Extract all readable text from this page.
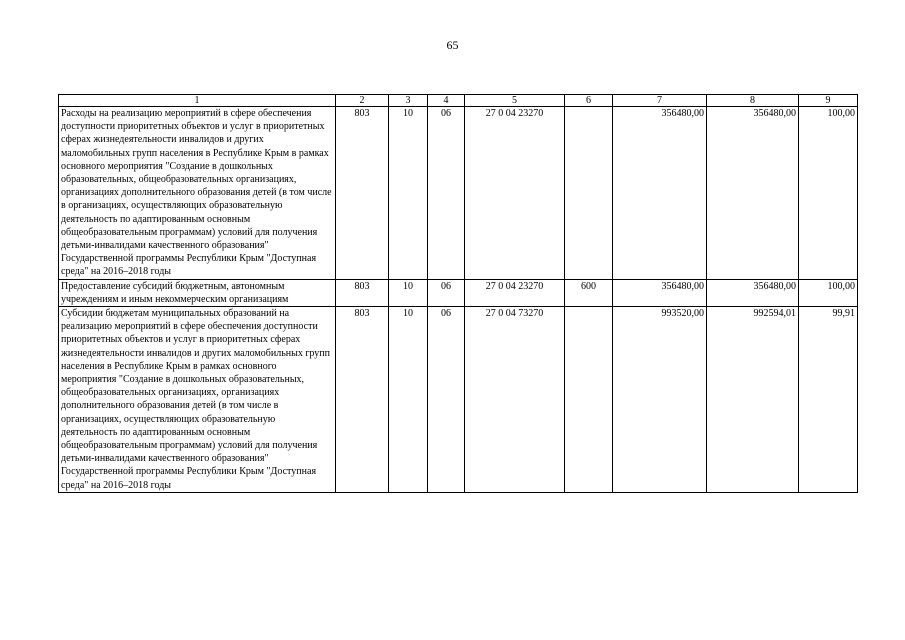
65
1	2	3	4	5	6	7	8	9
Расходы на реализацию мероприятий в сфере обеспечения доступности приоритетных объектов и услуг в приоритетных сферах жизнедеятельности инвалидов и других маломобильных групп населения в Республике Крым в рамках основного мероприятия "Создание в дошкольных образовательных, общеобразовательных организациях, организациях дополнительного образования детей (в том числе в организациях, осуществляющих образовательную деятельность по адаптированным основным общеобразовательным программам) условий для получения детьми-инвалидами качественного образования" Государственной программы Республики Крым "Доступная среда" на 2016–2018 годы	803	10	06	27 0 04 23270		356480,00	356480,00	100,00
Предоставление субсидий бюджетным, автономным учреждениям и иным некоммерческим организациям	803	10	06	27 0 04 23270	600	356480,00	356480,00	100,00
Субсидии бюджетам муниципальных образований на реализацию мероприятий в сфере обеспечения доступности приоритетных объектов и услуг в приоритетных сферах жизнедеятельности инвалидов и других маломобильных групп населения в Республике Крым в рамках основного мероприятия "Создание в дошкольных образовательных, общеобразовательных организациях, организациях дополнительного образования детей (в том числе в организациях, осуществляющих образовательную деятельность по адаптированным основным общеобразовательным программам) условий для получения детьми-инвалидами качественного образования" Государственной программы Республики Крым "Доступная среда" на 2016–2018 годы	803	10	06	27 0 04 73270		993520,00	992594,01	99,91
